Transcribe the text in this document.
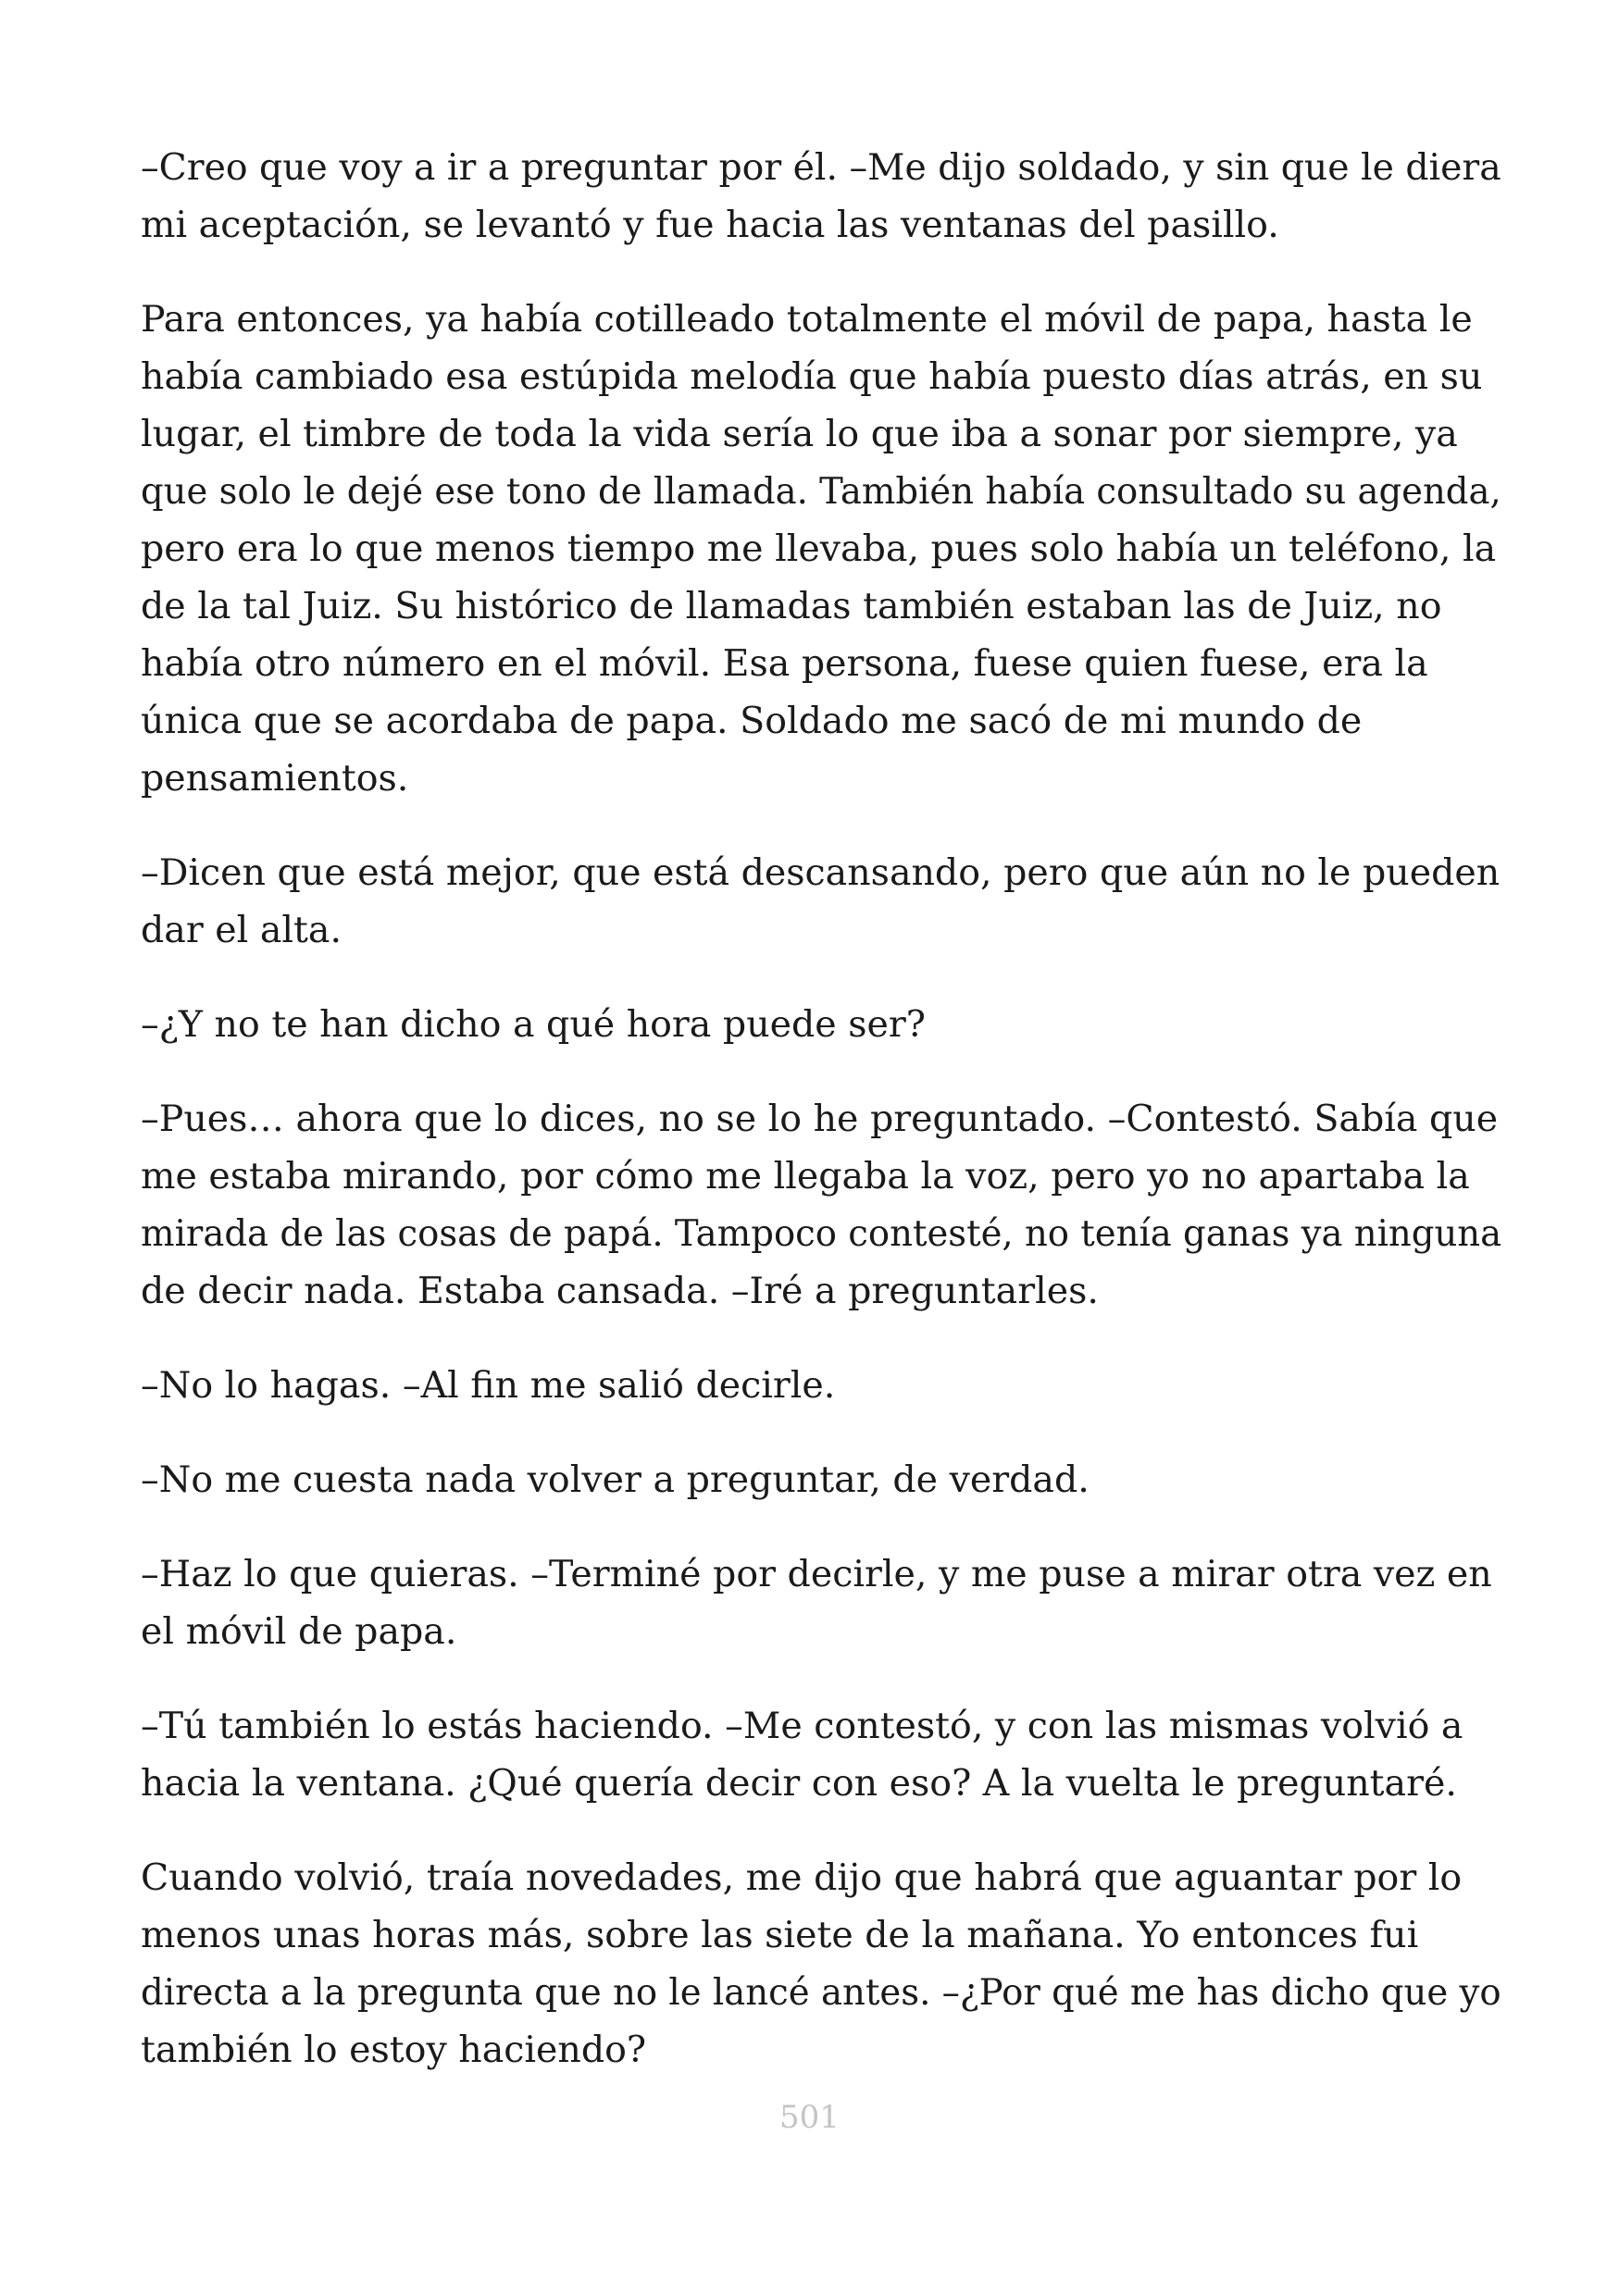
–Creo que voy a ir a preguntar por él. –Me dijo soldado, y sin que le diera
mi aceptación, se levantó y fue hacia las ventanas del pasillo.

Para entonces, ya había cotilleado totalmente el móvil de papa, hasta le
había cambiado esa estúpida melodía que había puesto días atrás, en su
lugar, el timbre de toda la vida sería lo que iba a sonar por siempre, ya
que solo le dejé ese tono de llamada. También había consultado su agenda,
pero era lo que menos tiempo me llevaba, pues solo había un teléfono, la
de la tal Juiz. Su histórico de llamadas también estaban las de Juiz, no
había otro número en el móvil. Esa persona, fuese quien fuese, era la
única que se acordaba de papa. Soldado me sacó de mi mundo de
pensamientos.

–Dicen que está mejor, que está descansando, pero que aún no le pueden
dar el alta.

–¿Y no te han dicho a qué hora puede ser?

–Pues… ahora que lo dices, no se lo he preguntado. –Contestó. Sabía que
me estaba mirando, por cómo me llegaba la voz, pero yo no apartaba la
mirada de las cosas de papá. Tampoco contesté, no tenía ganas ya ninguna
de decir nada. Estaba cansada. –Iré a preguntarles.

–No lo hagas. –Al fin me salió decirle.

–No me cuesta nada volver a preguntar, de verdad.

–Haz lo que quieras. –Terminé por decirle, y me puse a mirar otra vez en
el móvil de papa.

–Tú también lo estás haciendo. –Me contestó, y con las mismas volvió a
hacia la ventana. ¿Qué quería decir con eso? A la vuelta le preguntaré.

Cuando volvió, traía novedades, me dijo que habrá que aguantar por lo
menos unas horas más, sobre las siete de la mañana. Yo entonces fui
directa a la pregunta que no le lancé antes. –¿Por qué me has dicho que yo
también lo estoy haciendo?

501
